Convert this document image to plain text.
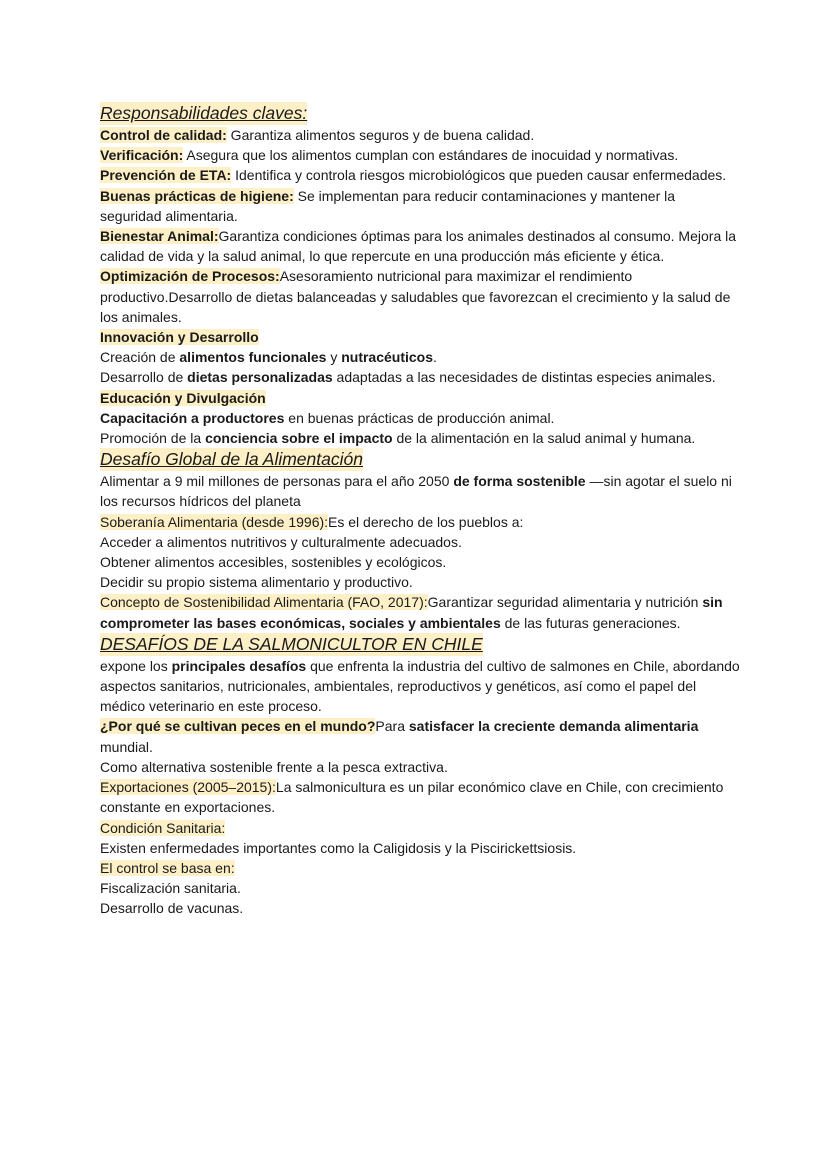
Responsabilidades claves:
Control de calidad: Garantiza alimentos seguros y de buena calidad.
Verificación: Asegura que los alimentos cumplan con estándares de inocuidad y normativas.
Prevención de ETA: Identifica y controla riesgos microbiológicos que pueden causar enfermedades.
Buenas prácticas de higiene: Se implementan para reducir contaminaciones y mantener la seguridad alimentaria.
Bienestar Animal:Garantiza condiciones óptimas para los animales destinados al consumo. Mejora la calidad de vida y la salud animal, lo que repercute en una producción más eficiente y ética.
Optimización de Procesos:Asesoramiento nutricional para maximizar el rendimiento productivo.Desarrollo de dietas balanceadas y saludables que favorezcan el crecimiento y la salud de los animales.
Innovación y Desarrollo
Creación de alimentos funcionales y nutracéuticos.
Desarrollo de dietas personalizadas adaptadas a las necesidades de distintas especies animales.
Educación y Divulgación
Capacitación a productores en buenas prácticas de producción animal.
Promoción de la conciencia sobre el impacto de la alimentación en la salud animal y humana.
Desafío Global de la Alimentación
Alimentar a 9 mil millones de personas para el año 2050 de forma sostenible —sin agotar el suelo ni los recursos hídricos del planeta
Soberanía Alimentaria (desde 1996):Es el derecho de los pueblos a:
Acceder a alimentos nutritivos y culturalmente adecuados.
Obtener alimentos accesibles, sostenibles y ecológicos.
Decidir su propio sistema alimentario y productivo.
Concepto de Sostenibilidad Alimentaria (FAO, 2017):Garantizar seguridad alimentaria y nutrición sin comprometer las bases económicas, sociales y ambientales de las futuras generaciones.
DESAFÍOS DE LA SALMONICULTOR EN CHILE
expone los principales desafíos que enfrenta la industria del cultivo de salmones en Chile, abordando aspectos sanitarios, nutricionales, ambientales, reproductivos y genéticos, así como el papel del médico veterinario en este proceso.
¿Por qué se cultivan peces en el mundo?Para satisfacer la creciente demanda alimentaria mundial.
Como alternativa sostenible frente a la pesca extractiva.
Exportaciones (2005–2015):La salmonicultura es un pilar económico clave en Chile, con crecimiento constante en exportaciones.
Condición Sanitaria:
Existen enfermedades importantes como la Caligidosis y la Piscirickettsiosis.
El control se basa en:
Fiscalización sanitaria.
Desarrollo de vacunas.
